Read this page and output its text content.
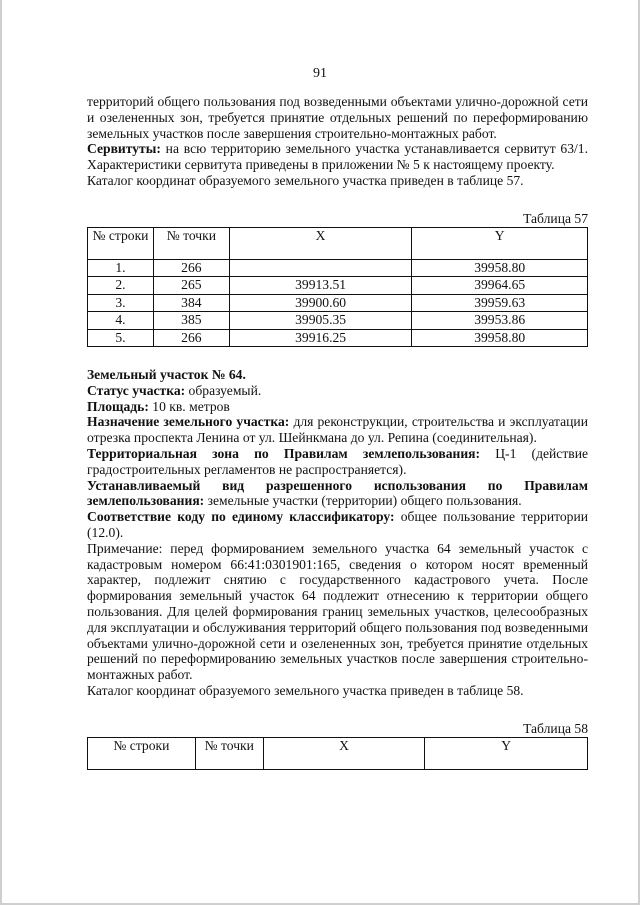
91
территорий общего пользования под возведенными объектами улично-дорожной сети и озелененных зон, требуется принятие отдельных решений по переформированию земельных участков после завершения строительно-монтажных работ.
Сервитуты: на всю территорию земельного участка устанавливается сервитут 63/1. Характеристики сервитута приведены в приложении № 5 к настоящему проекту.
Каталог координат образуемого земельного участка приведен в таблице 57.
Таблица 57
№ строки	№ точки	X	Y
1.	266		39958.80
2.	265	39913.51	39964.65
3.	384	39900.60	39959.63
4.	385	39905.35	39953.86
5.	266	39916.25	39958.80
Земельный участок № 64.
Статус участка: образуемый.
Площадь: 10 кв. метров
Назначение земельного участка: для реконструкции, строительства и эксплуатации отрезка проспекта Ленина от ул. Шейнкмана до ул. Репина (соединительная).
Территориальная зона по Правилам землепользования: Ц-1 (действие градостроительных регламентов не распространяется).
Устанавливаемый вид разрешенного использования по Правилам землепользования: земельные участки (территории) общего пользования.
Соответствие коду по единому классификатору: общее пользование территории (12.0).
Примечание: перед формированием земельного участка 64 земельный участок с кадастровым номером 66:41:0301901:165, сведения о котором носят временный характер, подлежит снятию с государственного кадастрового учета. После формирования земельный участок 64 подлежит отнесению к территории общего пользования. Для целей формирования границ земельных участков, целесообразных для эксплуатации и обслуживания территорий общего пользования под возведенными объектами улично-дорожной сети и озелененных зон, требуется принятие отдельных решений по переформированию земельных участков после завершения строительно-монтажных работ.
Каталог координат образуемого земельного участка приведен в таблице 58.
Таблица 58
№ строки	№ точки	X	Y
